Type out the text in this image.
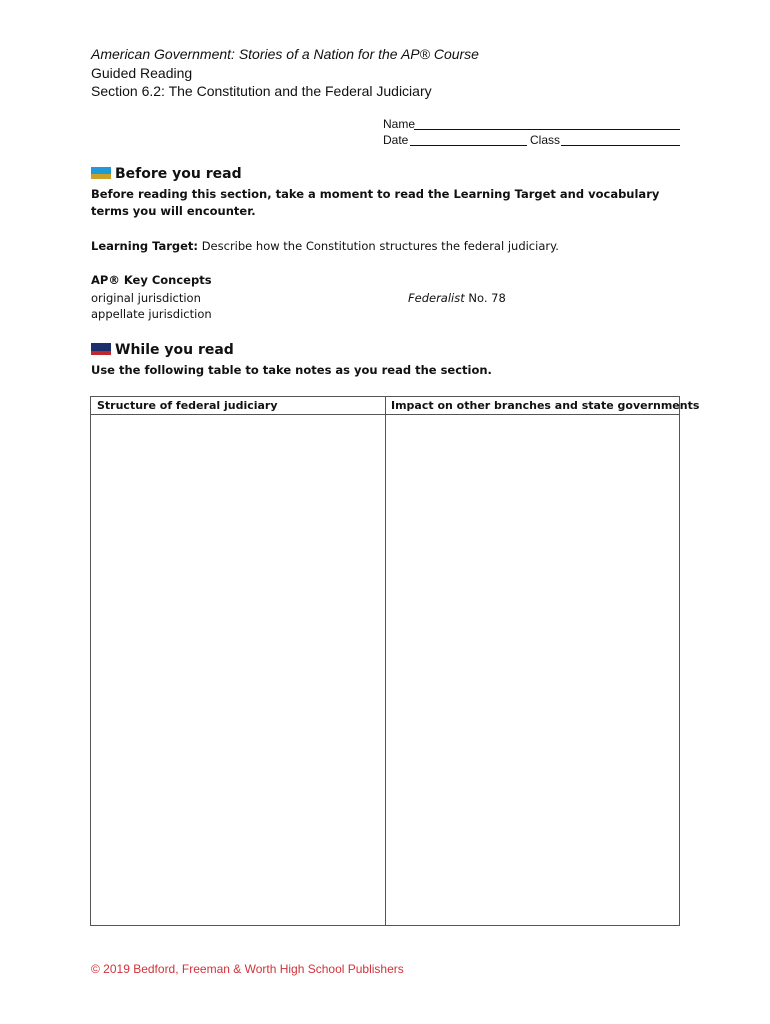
American Government: Stories of a Nation for the AP® Course
Guided Reading
Section 6.2: The Constitution and the Federal Judiciary
Name
Date	Class
Before you read
Before reading this section, take a moment to read the Learning Target and vocabulary terms you will encounter.
Learning Target: Describe how the Constitution structures the federal judiciary.
AP® Key Concepts
original jurisdiction
appellate jurisdiction
Federalist No. 78
While you read
Use the following table to take notes as you read the section.
Structure of federal judiciary	Impact on other branches and state governments
© 2019 Bedford, Freeman & Worth High School Publishers
